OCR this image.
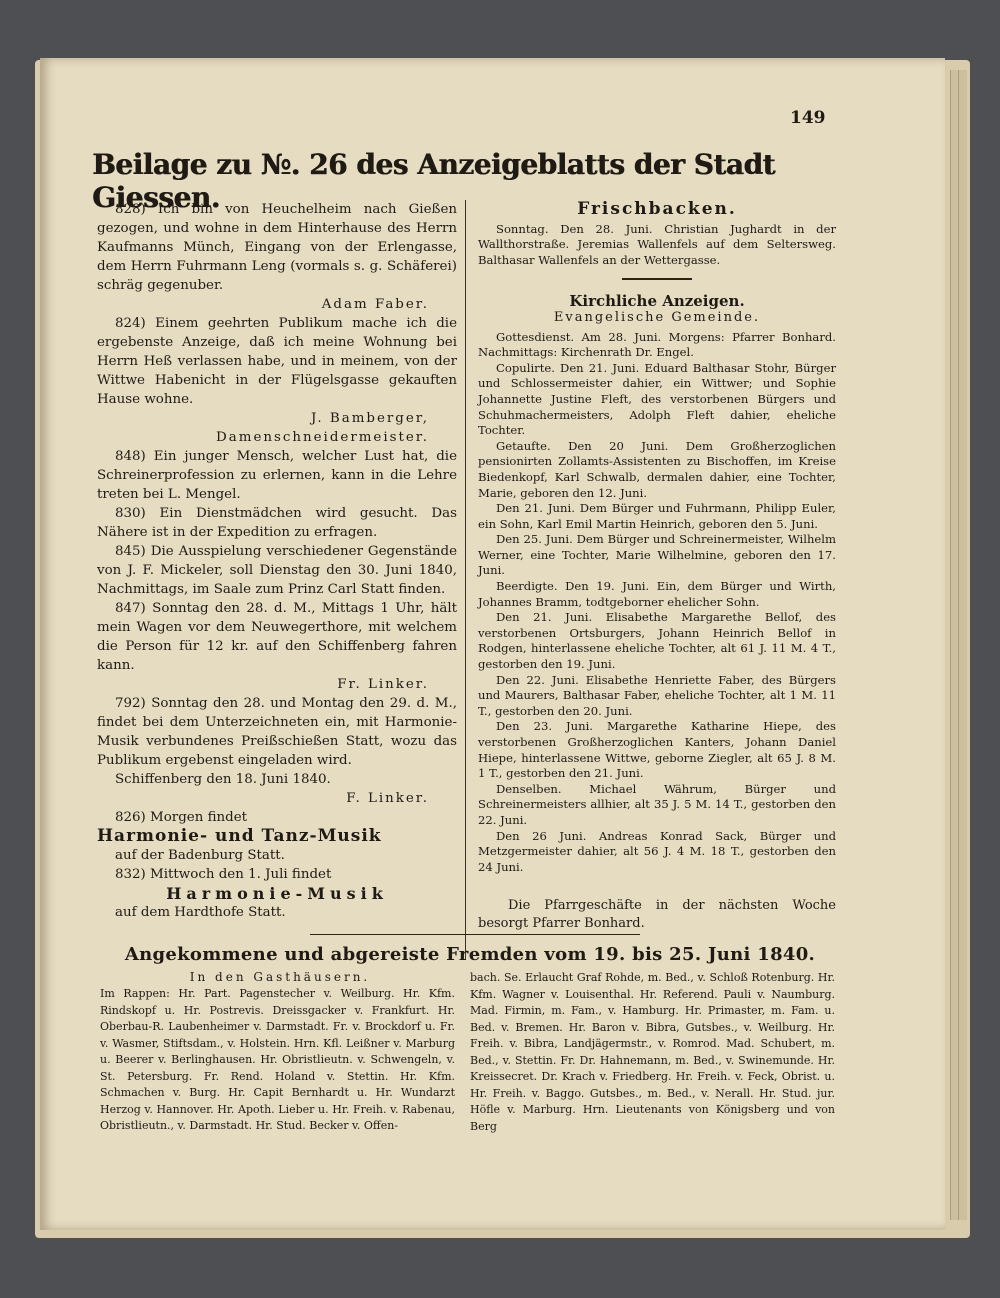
149
Beilage zu №. 26 des Anzeigeblatts der Stadt Giessen.

828) Ich bin von Heuchelheim nach Gießen gezogen, und wohne in dem Hinterhause des Herrn Kaufmanns Münch, Eingang von der Erlengasse, dem Herrn Fuhrmann Leng (vormals s. g. Schäferei) schräg gegenuber.

Adam Faber.

824) Einem geehrten Publikum mache ich die ergebenste Anzeige, daß ich meine Wohnung bei Herrn Heß verlassen habe, und in meinem, von der Wittwe Habenicht in der Flügelsgasse gekauften Hause wohne.

J. Bamberger,

Damenschneidermeister.

848) Ein junger Mensch, welcher Lust hat, die Schreinerprofession zu erlernen, kann in die Lehre treten bei L. Mengel.

830) Ein Dienstmädchen wird gesucht. Das Nähere ist in der Expedition zu erfragen.

845) Die Ausspielung verschiedener Gegenstände von J. F. Mickeler, soll Dienstag den 30. Juni 1840, Nachmittags, im Saale zum Prinz Carl Statt finden.

847) Sonntag den 28. d. M., Mittags 1 Uhr, hält mein Wagen vor dem Neuwegerthore, mit welchem die Person für 12 kr. auf den Schiffenberg fahren kann.

Fr. Linker.

792) Sonntag den 28. und Montag den 29. d. M., findet bei dem Unterzeichneten ein, mit Harmonie-Musik verbundenes Preißschießen Statt, wozu das Publikum ergebenst eingeladen wird.

Schiffenberg den 18. Juni 1840.

F. Linker.

826) Morgen findet

Harmonie- und Tanz-Musik

auf der Badenburg Statt.

832) Mittwoch den 1. Juli findet

Harmonie-Musik

auf dem Hardthofe Statt.

Frischbacken.

Sonntag. Den 28. Juni. Christian Jughardt in der Wallthorstraße. Jeremias Wallenfels auf dem Seltersweg. Balthasar Wallenfels an der Wettergasse.

Kirchliche Anzeigen.

Evangelische Gemeinde.

Gottesdienst. Am 28. Juni. Morgens: Pfarrer Bonhard. Nachmittags: Kirchenrath Dr. Engel.

Copulirte. Den 21. Juni. Eduard Balthasar Stohr, Bürger und Schlossermeister dahier, ein Wittwer; und Sophie Johannette Justine Fleft, des verstorbenen Bürgers und Schuhmachermeisters, Adolph Fleft dahier, eheliche Tochter.

Getaufte. Den 20 Juni. Dem Großherzoglichen pensionirten Zollamts-Assistenten zu Bischoffen, im Kreise Biedenkopf, Karl Schwalb, dermalen dahier, eine Tochter, Marie, geboren den 12. Juni.

Den 21. Juni. Dem Bürger und Fuhrmann, Philipp Euler, ein Sohn, Karl Emil Martin Heinrich, geboren den 5. Juni.

Den 25. Juni. Dem Bürger und Schreinermeister, Wilhelm Werner, eine Tochter, Marie Wilhelmine, geboren den 17. Juni.

Beerdigte. Den 19. Juni. Ein, dem Bürger und Wirth, Johannes Bramm, todtgeborner ehelicher Sohn.

Den 21. Juni. Elisabethe Margarethe Bellof, des verstorbenen Ortsburgers, Johann Heinrich Bellof in Rodgen, hinterlassene eheliche Tochter, alt 61 J. 11 M. 4 T., gestorben den 19. Juni.

Den 22. Juni. Elisabethe Henriette Faber, des Bürgers und Maurers, Balthasar Faber, eheliche Tochter, alt 1 M. 11 T., gestorben den 20. Juni.

Den 23. Juni. Margarethe Katharine Hiepe, des verstorbenen Großherzoglichen Kanters, Johann Daniel Hiepe, hinterlassene Wittwe, geborne Ziegler, alt 65 J. 8 M. 1 T., gestorben den 21. Juni.

Denselben. Michael Währum, Bürger und Schreinermeisters allhier, alt 35 J. 5 M. 14 T., gestorben den 22. Juni.

Den 26 Juni. Andreas Konrad Sack, Bürger und Metzgermeister dahier, alt 56 J. 4 M. 18 T., gestorben den 24 Juni.

Die Pfarrgeschäfte in der nächsten Woche besorgt Pfarrer Bonhard.

Angekommene und abgereiste Fremden vom 19. bis 25. Juni 1840.
In den Gasthäusern.
Im Rappen: Hr. Part. Pagenstecher v. Weilburg. Hr. Kfm. Rindskopf u. Hr. Postrevis. Dreissgacker v. Frankfurt. Hr. Oberbau-R. Laubenheimer v. Darmstadt. Fr. v. Brockdorf u. Fr. v. Wasmer, Stiftsdam., v. Holstein. Hrn. Kfl. Leißner v. Marburg u. Beerer v. Berlinghausen. Hr. Obristlieutn. v. Schwengeln, v. St. Petersburg. Fr. Rend. Holand v. Stettin. Hr. Kfm. Schmachen v. Burg. Hr. Capit Bernhardt u. Hr. Wundarzt Herzog v. Hannover. Hr. Apoth. Lieber u. Hr. Freih. v. Rabenau, Obristlieutn., v. Darmstadt. Hr. Stud. Becker v. Offen-
bach. Se. Erlaucht Graf Rohde, m. Bed., v. Schloß Rotenburg. Hr. Kfm. Wagner v. Louisenthal. Hr. Referend. Pauli v. Naumburg. Mad. Firmin, m. Fam., v. Hamburg. Hr. Primaster, m. Fam. u. Bed. v. Bremen. Hr. Baron v. Bibra, Gutsbes., v. Weilburg. Hr. Freih. v. Bibra, Landjägermstr., v. Romrod. Mad. Schubert, m. Bed., v. Stettin. Fr. Dr. Hahnemann, m. Bed., v. Swinemunde. Hr. Kreissecret. Dr. Krach v. Friedberg. Hr. Freih. v. Feck, Obrist. u. Hr. Freih. v. Baggo. Gutsbes., m. Bed., v. Nerall. Hr. Stud. jur. Höfle v. Marburg. Hrn. Lieutenants von Königsberg und von Berg
